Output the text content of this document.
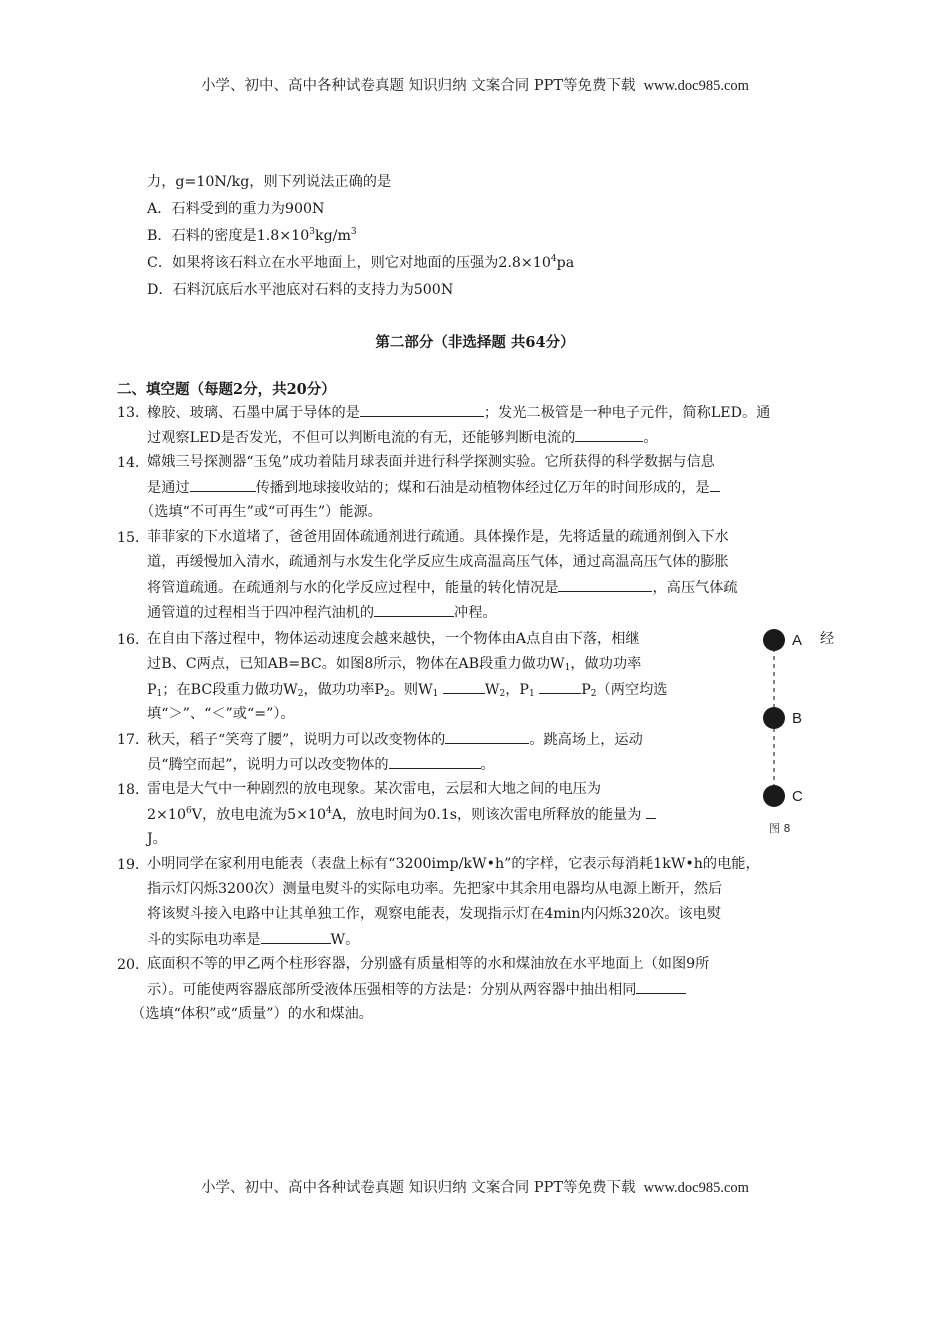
小学、初中、高中各种试卷真题 知识归纳 文案合同 PPT等免费下载 www.doc985.com
力，g=10N/kg，则下列说法正确的是
A．石料受到的重力为900N
B．石料的密度是$1.8\times 10^3kg/m^3$
C．如果将该石料立在水平地面上，则它对地面的压强为$2.8\times 10^4pa$
D．石料沉底后水平池底对石料的支持力为500N
第二部分（非选择题 共64分）
二、填空题（每题2分，共20分）
13．
橡胶、玻璃、石墨中属于导体的是	；发光二极管是一种电子元件，简称LED。通
过观察LED是否发光，不但可以判断电流的有无，还能够判断电流的	。
14．
嫦娥三号探测器“玉兔”成功着陆月球表面并进行科学探测实验。它所获得的科学数据与信息
是通过	传播到地球接收站的；煤和石油是动植物体经过亿万年的时间形成的，是
（选填“不可再生”或“可再生”）能源。
15．
菲菲家的下水道堵了，爸爸用固体疏通剂进行疏通。具体操作是，先将适量的疏通剂倒入下水
道，再缓慢加入清水，疏通剂与水发生化学反应生成高温高压气体，通过高温高压气体的膨胀
将管道疏通。在疏通剂与水的化学反应过程中，能量的转化情况是	，高压气体疏
通管道的过程相当于四冲程汽油机的	冲程。
16．
在自由下落过程中，物体运动速度会越来越快，一个物体由A点自由下落，相继	经
过B、C两点，已知AB=BC。如图8所示，物体在AB段重力做功$W_1$，做功功率
$P_1$；在BC段重力做功$W_2$，做功功率$P_2$。则$W_1$	$W_2$，$P_1$	$P_2$（两空均选
填“＞”、“＜”或“=”）。
17．
秋天，稻子“笑弯了腰”，说明力可以改变物体的	。跳高场上，运动
员“腾空而起”，说明力可以改变物体的	。
18．
雷电是大气中一种剧烈的放电现象。某次雷电，云层和大地之间的电压为
$2\times 10^6V$，放电电流为$5\times 10^4A$，放电时间为0.1s，则该次雷电所释放的能量为
J。
19．
小明同学在家利用电能表（表盘上标有“3200imp/kW•h”的字样，它表示每消耗1kW•h的电能，
指示灯闪烁3200次）测量电熨斗的实际电功率。先把家中其余用电器均从电源上断开，然后
将该熨斗接入电路中让其单独工作，观察电能表，发现指示灯在4min内闪烁320次。该电熨
斗的实际电功率是	W。
20．
底面积不等的甲乙两个柱形容器，分别盛有质量相等的水和煤油放在水平地面上（如图9所
示）。可能使两容器底部所受液体压强相等的方法是：分别从两容器中抽出相同
（选填“体积”或“质量”）的水和煤油。
A
B
C
图 8
小学、初中、高中各种试卷真题 知识归纳 文案合同 PPT等免费下载 www.doc985.com
